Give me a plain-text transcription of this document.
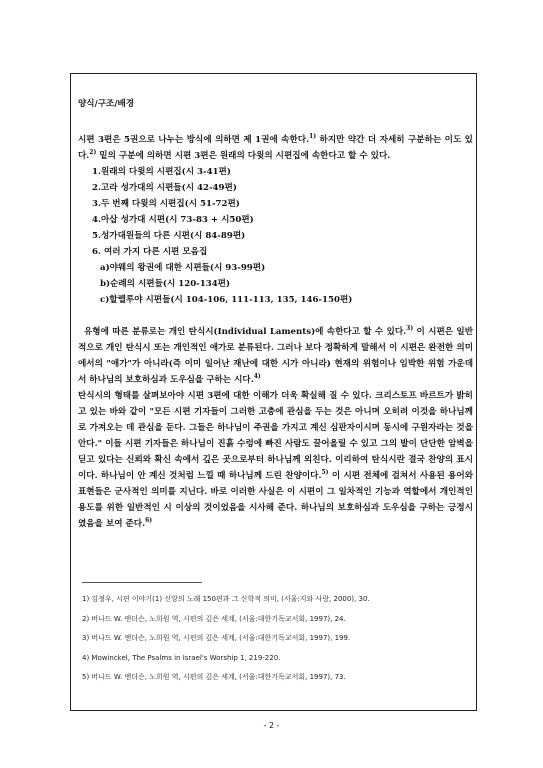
양식/구조/배경

시편 3편은 5권으로 나누는 방식에 의하면 제 1권에 속한다.$^{1)}$ 하지만 약간 더 자세히 구분하는 이도 있다.$^{2)}$ 밑의 구분에 의하면 시편 3편은 원래의 다윗의 시편집에 속한다고 할 수 있다.

1.원래의 다윗의 시편집(시 3-41편)
2.고라 성가대의 시편들(시 42-49편)
3.두 번째 다윗의 시편집(시 51-72편)
4.아삽 성가대 시편(시 73-83 + 시50편)
5.성가대원들의 다른 시편(시 84-89편)
6. 여러 가지 다른 시편 모음집
a)야웨의 왕권에 대한 시편들(시 93-99편)
b)순례의 시편들(시 120-134편)
c)할렐루야 시편들(시 104-106, 111-113, 135, 146-150편)

유형에 따른 분류로는 개인 탄식시(Individual Laments)에 속한다고 할 수 있다.$^{3)}$ 이 시편은 일반적으로 개인 탄식시 또는 개인적인 애가로 분류된다. 그러나 보다 정확하게 말해서 이 시편은 완전한 의미에서의 "애가"가 아니라(즉 이미 일어난 재난에 대한 시가 아니라) 현재의 위험이나 임박한 위험 가운데서 하나님의 보호하심과 도우심을 구하는 시다.$^{4)}$

탄식시의 형태를 살펴보아야 시편 3편에 대한 이해가 더욱 확실해 질 수 있다. 크리스토프 바르트가 밝히고 있는 바와 같이 "모든 시편 기자들이 그러한 고충에 관심을 두는 것은 아니며 오히려 이것을 하나님께로 가져오는 데 관심을 둔다. 그들은 하나님이 주권을 가지고 계신 심판자이시며 동시에 구원자라는 것을 안다." 이들 시편 기자들은 하나님이 진흙 수렁에 빠진 사람도 끌어올릴 수 있고 그의 발이 단단한 암벽을 딛고 있다는 신뢰와 확신 속에서 깊은 곳으로부터 하나님께 외친다. 이리하여 탄식시란 결국 찬양의 표시이다. 하나님이 안 계신 것처럼 느낄 때 하나님께 드린 찬양이다.$^{5)}$ 이 시편 전체에 걸쳐서 사용된 용어와 표현들은 군사적인 의미를 지닌다. 바로 이러한 사실은 이 시편이 그 일차적인 기능과 역할에서 개인적인 용도를 위한 일반적인 시 이상의 것이었음을 시사해 준다. 하나님의 보호하심과 도우심을 구하는 긍정시 였음을 보여 준다.$^{6)}$

1) 김정우, 시편 이야기(1) 신앙의 노래 150편과 그 신학적 의미, (서울:지와 사랑, 2000), 30.
2) 버나드 W. 앤더슨, 노희원 역, 시편의 깊은 세계, (서울:대한기독교서회, 1997), 24.
3) 버나드 W. 앤더슨, 노희원 역, 시편의 깊은 세계, (서울:대한기독교서회, 1997), 199.
4) Mowinckel, The Psalms in Israel's Worship 1, 219-220.
5) 버나드 W. 앤더슨, 노희원 역, 시편의 깊은 세계, (서울:대한기독교서회, 1997), 73.
- 2 -
